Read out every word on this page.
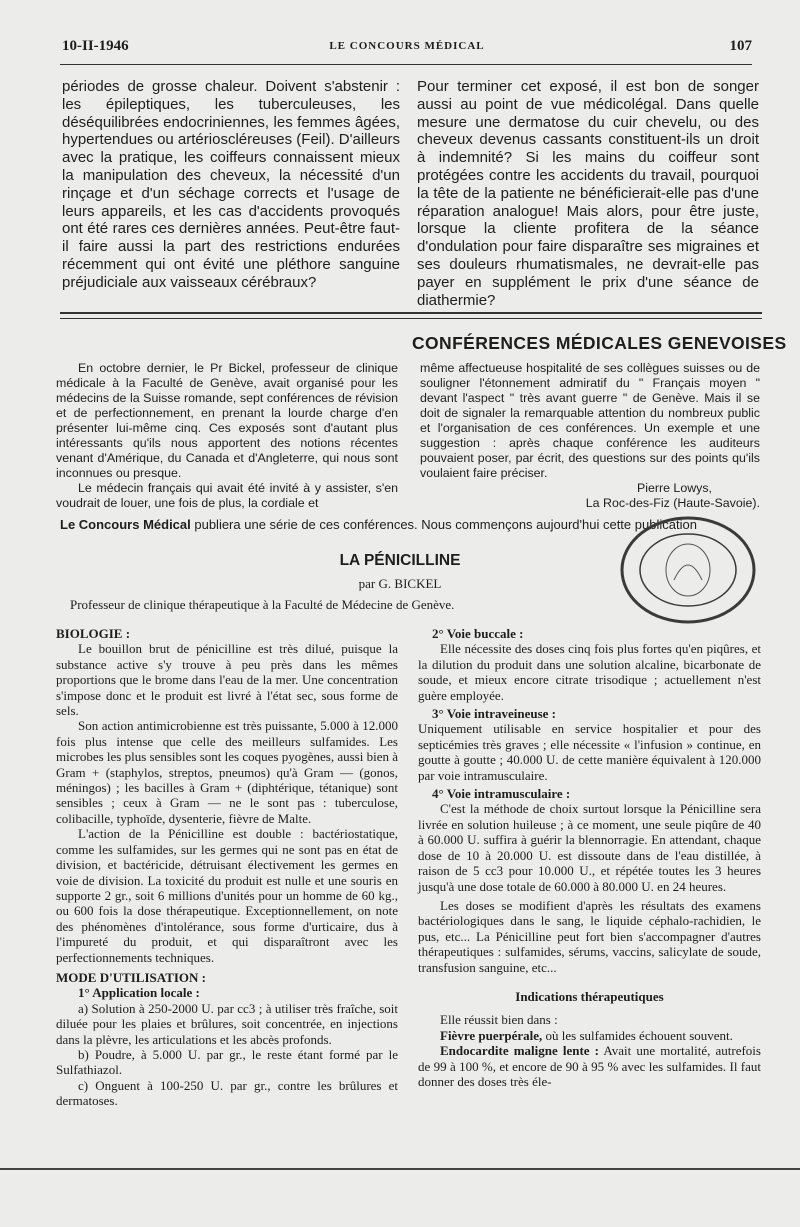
10-II-1946	LE CONCOURS MÉDICAL	107

périodes de grosse chaleur. Doivent s'abstenir : les épileptiques, les tuberculeuses, les déséquilibrées endocriniennes, les femmes âgées, hypertendues ou artérioscléreuses (Feil). D'ailleurs avec la pratique, les coiffeurs connaissent mieux la manipulation des cheveux, la nécessité d'un rinçage et d'un séchage corrects et l'usage de leurs appareils, et les cas d'accidents provoqués ont été rares ces dernières années. Peut-être faut-il faire aussi la part des restrictions endurées récemment qui ont évité une pléthore sanguine préjudiciale aux vaisseaux cérébraux?

Pour terminer cet exposé, il est bon de songer aussi au point de vue médicolégal. Dans quelle mesure une dermatose du cuir chevelu, ou des cheveux devenus cassants constituent-ils un droit à indemnité? Si les mains du coiffeur sont protégées contre les accidents du travail, pourquoi la tête de la patiente ne bénéficierait-elle pas d'une réparation analogue! Mais alors, pour être juste, lorsque la cliente profitera de la séance d'ondulation pour faire disparaître ses migraines et ses douleurs rhumatismales, ne devrait-elle pas payer en supplément le prix d'une séance de diathermie?

CONFÉRENCES MÉDICALES GENEVOISES

En octobre dernier, le Pr Bickel, professeur de clinique médicale à la Faculté de Genève, avait organisé pour les médecins de la Suisse romande, sept conférences de révision et de perfectionnement, en prenant la lourde charge d'en présenter lui-même cinq. Ces exposés sont d'autant plus intéressants qu'ils nous apportent des notions récentes venant d'Amérique, du Canada et d'Angleterre, qui nous sont inconnues ou presque.

Le médecin français qui avait été invité à y assister, s'en voudrait de louer, une fois de plus, la cordiale et

même affectueuse hospitalité de ses collègues suisses ou de souligner l'étonnement admiratif du " Français moyen " devant l'aspect " très avant guerre " de Genève. Mais il se doit de signaler la remarquable attention du nombreux public et l'organisation de ces conférences. Un exemple et une suggestion : après chaque conférence les auditeurs pouvaient poser, par écrit, des questions sur des points qu'ils voulaient faire préciser.

Pierre Lowys,

La Roc-des-Fiz (Haute-Savoie).

Le Concours Médical publiera une série de ces conférences. Nous commençons aujourd'hui cette publication
LA PÉNICILLINE
par G. BICKEL
Professeur de clinique thérapeutique à la Faculté de Médecine de Genève.

BIOLOGIE :

Le bouillon brut de pénicilline est très dilué, puisque la substance active s'y trouve à peu près dans les mêmes proportions que le brome dans l'eau de la mer. Une concentration s'impose donc et le produit est livré à l'état sec, sous forme de sels.

Son action antimicrobienne est très puissante, 5.000 à 12.000 fois plus intense que celle des meilleurs sulfamides. Les microbes les plus sensibles sont les coques pyogènes, aussi bien à Gram + (staphylos, streptos, pneumos) qu'à Gram — (gonos, méningos) ; les bacilles à Gram + (diphtérique, tétanique) sont sensibles ; ceux à Gram — ne le sont pas : tuberculose, colibacille, typhoïde, dysenterie, fièvre de Malte.

L'action de la Pénicilline est double : bactériostatique, comme les sulfamides, sur les germes qui ne sont pas en état de division, et bactéricide, détruisant électivement les germes en voie de division. La toxicité du produit est nulle et une souris en supporte 2 gr., soit 6 millions d'unités pour un homme de 60 kg., ou 600 fois la dose thérapeutique. Exceptionnellement, on note des phénomènes d'intolérance, sous forme d'urticaire, dus à l'impureté du produit, et qui disparaîtront avec les perfectionnements techniques.

MODE D'UTILISATION :

1° Application locale :

a) Solution à 250-2000 U. par cc3 ; à utiliser très fraîche, soit diluée pour les plaies et brûlures, soit concentrée, en injections dans la plèvre, les articulations et les abcès profonds.

b) Poudre, à 5.000 U. par gr., le reste étant formé par le Sulfathiazol.

c) Onguent à 100-250 U. par gr., contre les brûlures et dermatoses.

2° Voie buccale :

Elle nécessite des doses cinq fois plus fortes qu'en piqûres, et la dilution du produit dans une solution alcaline, bicarbonate de soude, et mieux encore citrate trisodique ; actuellement n'est guère employée.

3° Voie intraveineuse :

Uniquement utilisable en service hospitalier et pour des septicémies très graves ; elle nécessite « l'infusion » continue, en goutte à goutte ; 40.000 U. de cette manière équivalent à 120.000 par voie intramusculaire.

4° Voie intramusculaire :

C'est la méthode de choix surtout lorsque la Pénicilline sera livrée en solution huileuse ; à ce moment, une seule piqûre de 40 à 60.000 U. suffira à guérir la blennorragie. En attendant, chaque dose de 10 à 20.000 U. est dissoute dans de l'eau distillée, à raison de 5 cc3 pour 10.000 U., et répétée toutes les 3 heures jusqu'à une dose totale de 60.000 à 80.000 U. en 24 heures.

Les doses se modifient d'après les résultats des examens bactériologiques dans le sang, le liquide céphalo-rachidien, le pus, etc... La Pénicilline peut fort bien s'accompagner d'autres thérapeutiques : sulfamides, sérums, vaccins, salicylate de soude, transfusion sanguine, etc...

Indications thérapeutiques

Elle réussit bien dans :

Fièvre puerpérale, où les sulfamides échouent souvent.

Endocardite maligne lente : Avait une mortalité, autrefois de 99 à 100 %, et encore de 90 à 95 % avec les sulfamides. Il faut donner des doses très éle-
